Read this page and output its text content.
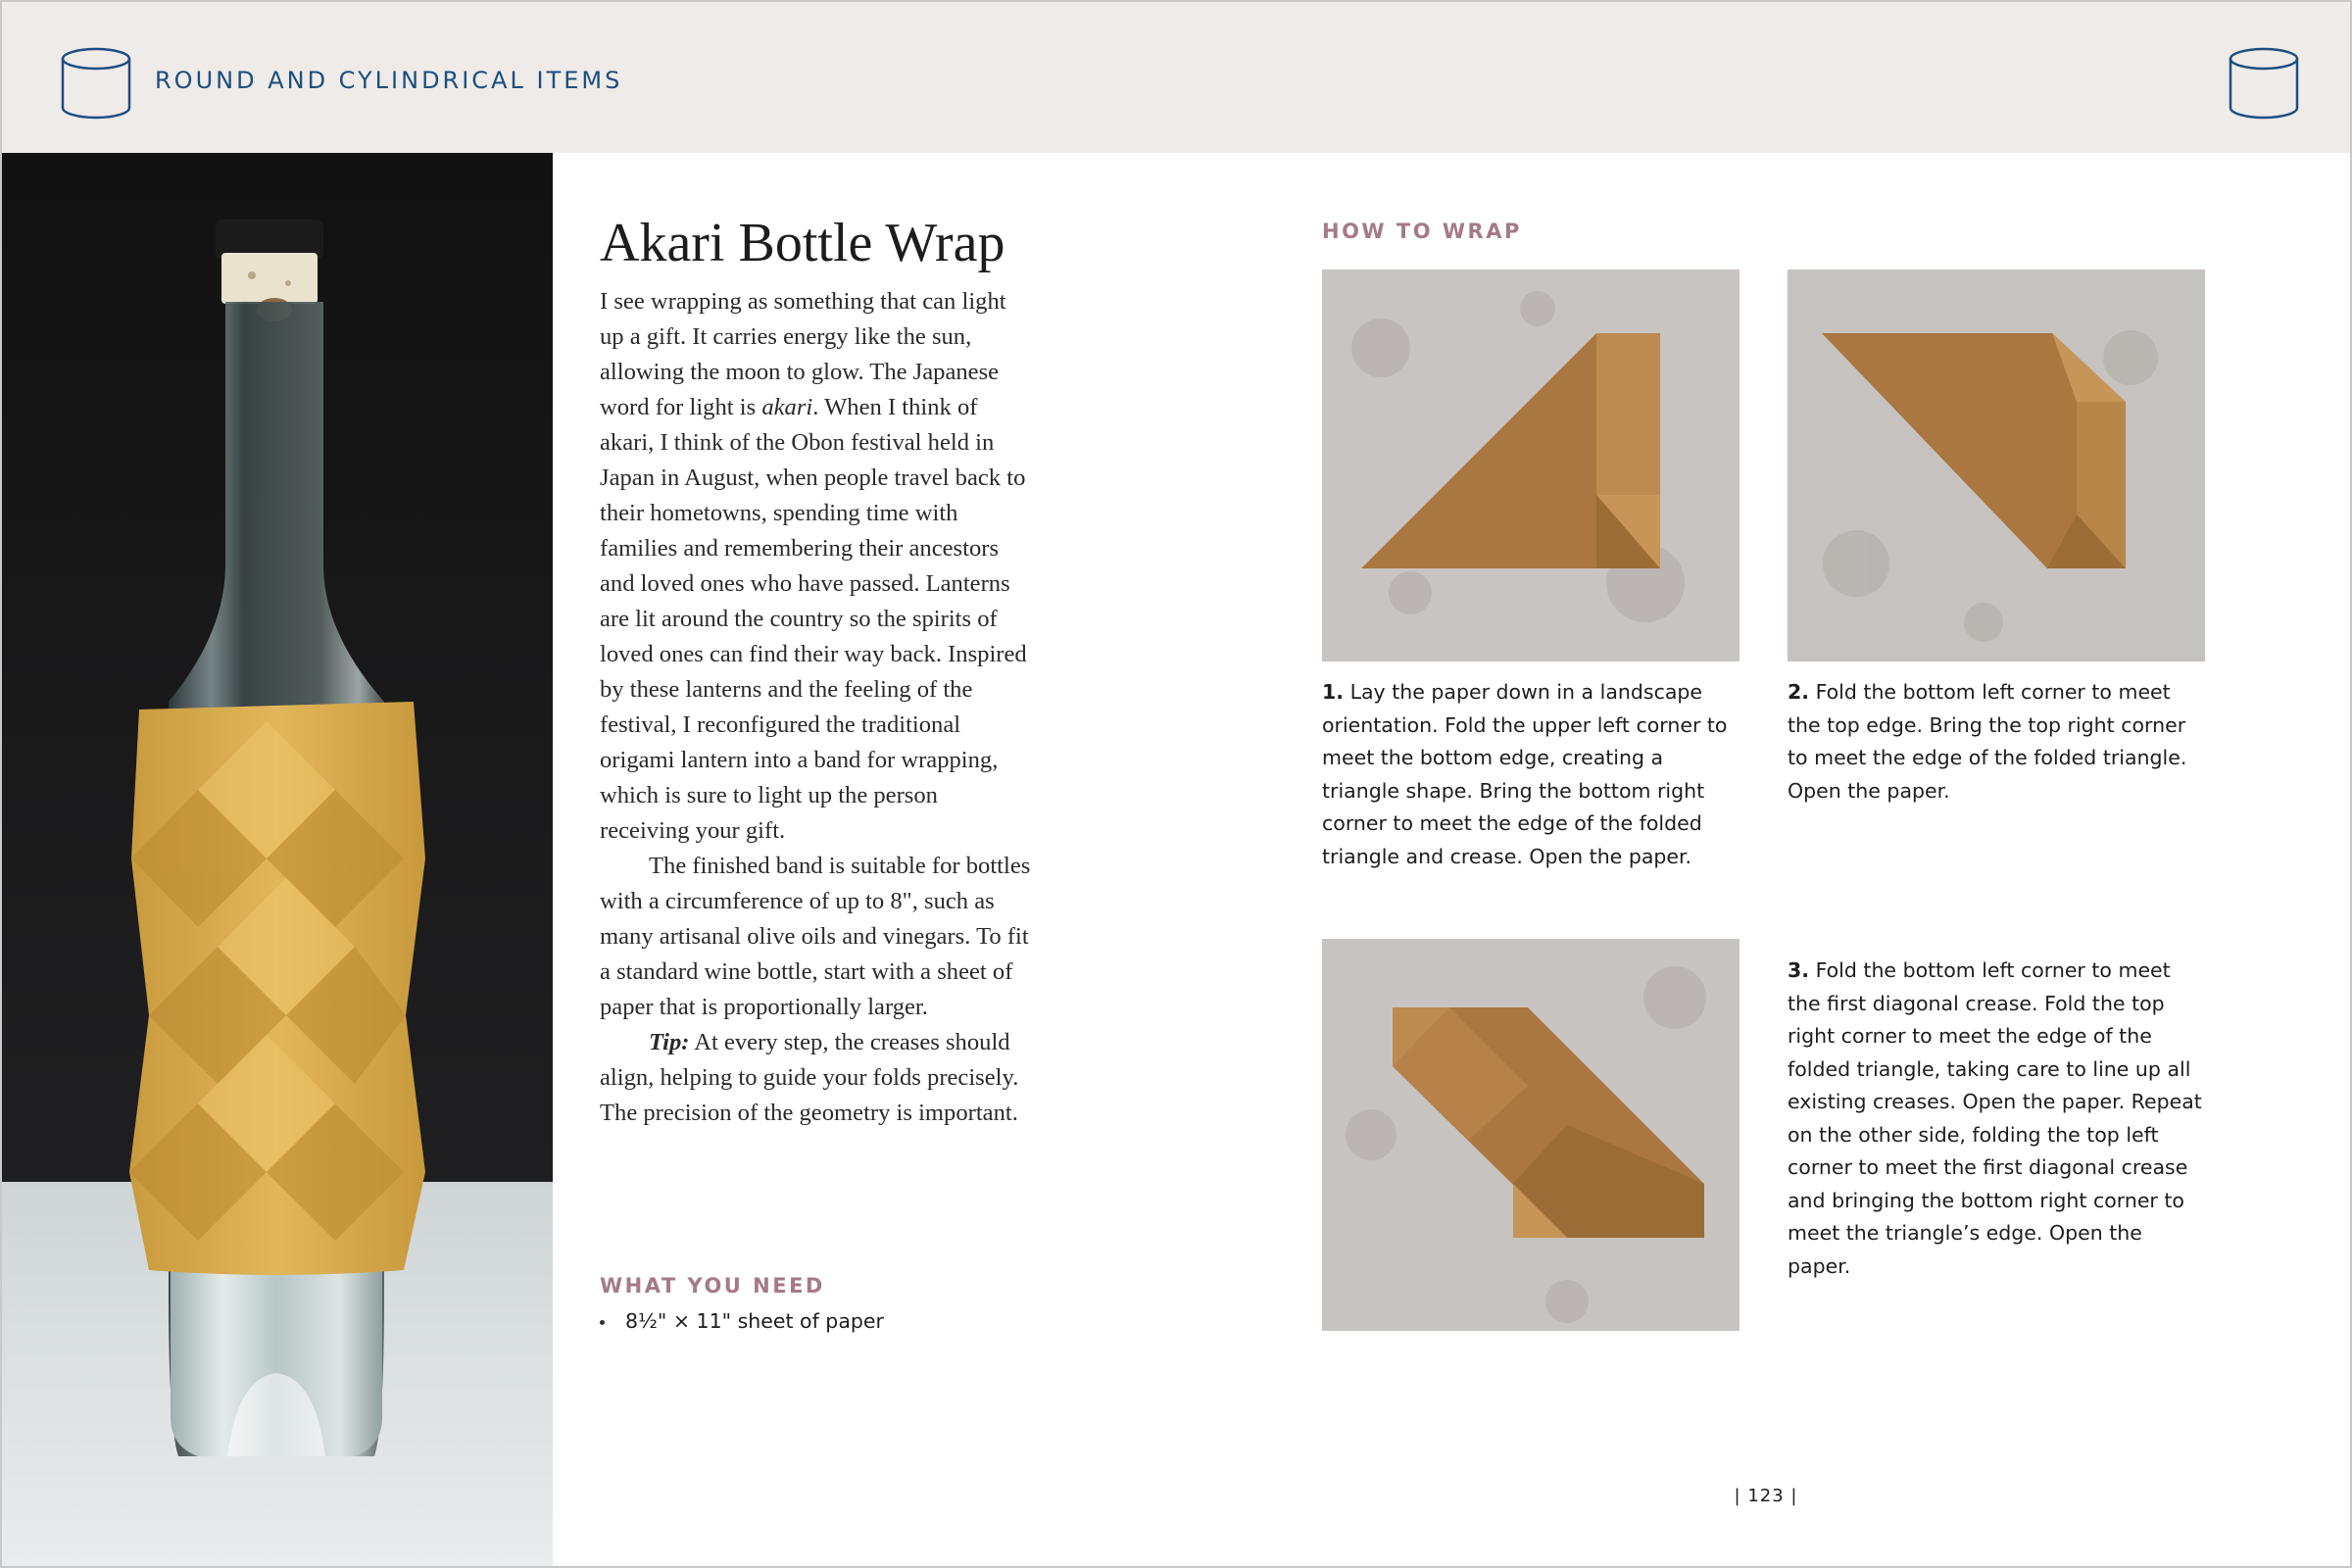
ROUND AND CYLINDRICAL ITEMS
Akari Bottle Wrap

I see wrapping as something that can light up a gift. It carries energy like the sun, allowing the moon to glow. The Japanese word for light is akari. When I think of akari, I think of the Obon festival held in Japan in August, when people travel back to their hometowns, spending time with families and remembering their ancestors and loved ones who have passed. Lanterns are lit around the country so the spirits of loved ones can find their way back. Inspired by these lanterns and the feeling of the festival, I reconfigured the traditional origami lantern into a band for wrapping, which is sure to light up the person receiving your gift.

The finished band is suitable for bottles with a circumference of up to 8", such as many artisanal olive oils and vinegars. To fit a standard wine bottle, start with a sheet of paper that is proportionally larger.

Tip: At every step, the creases should align, helping to guide your folds precisely. The precision of the geometry is important.

WHAT YOU NEED
8½" × 11" sheet of paper
HOW TO WRAP

1. Lay the paper down in a landscape orientation. Fold the upper left corner to meet the bottom edge, creating a triangle shape. Bring the bottom right corner to meet the edge of the folded triangle and crease. Open the paper.

2. Fold the bottom left corner to meet the top edge. Bring the top right corner to meet the edge of the folded triangle. Open the paper.

3. Fold the bottom left corner to meet the first diagonal crease. Fold the top right corner to meet the edge of the folded triangle, taking care to line up all existing creases. Open the paper. Repeat on the other side, folding the top left corner to meet the first diagonal crease and bringing the bottom right corner to meet the triangle’s edge. Open the paper.

| 123 |
